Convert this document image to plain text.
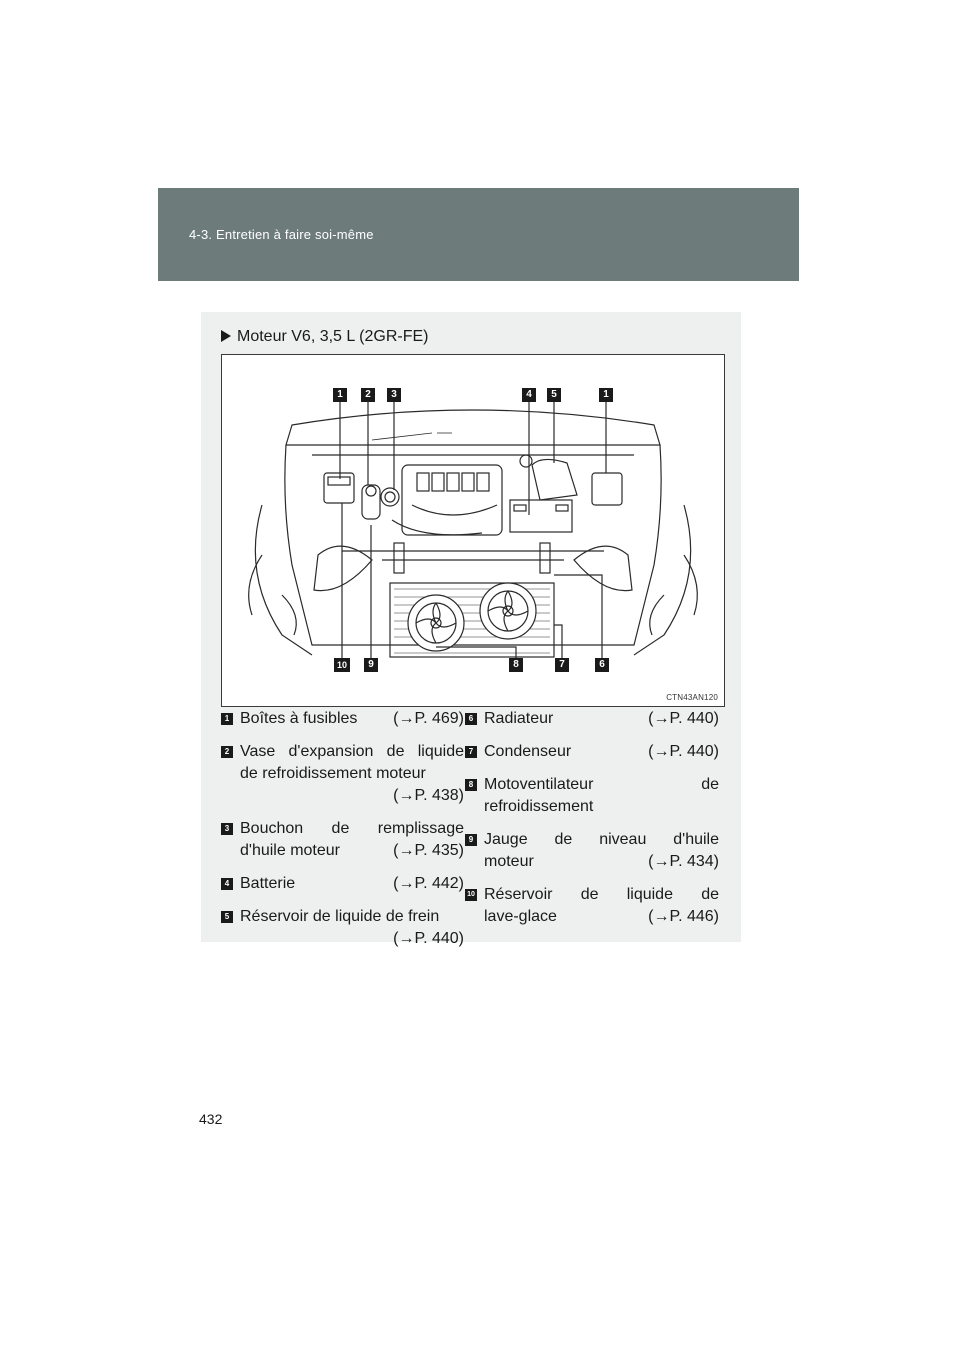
4-3. Entretien à faire soi-même
Moteur V6, 3,5 L (2GR-FE)
1	2	3	4	5	1
10	9	8	7	6
CTN43AN120
1 Boîtes à fusibles (→P. 469)
2 Vase d'expansion de liquide
de refroidissement moteur
(→P. 438)
3 Bouchon de remplissage
d'huile moteur	(→P. 435)
4 Batterie	(→P. 442)
5 Réservoir de liquide de frein
(→P. 440)
6 Radiateur	(→P. 440)
7 Condenseur	(→P. 440)
8 Motoventilateur de
refroidissement
9 Jauge de niveau d'huile
moteur	(→P. 434)
10 Réservoir de liquide de
lave-glace	(→P. 446)
432
